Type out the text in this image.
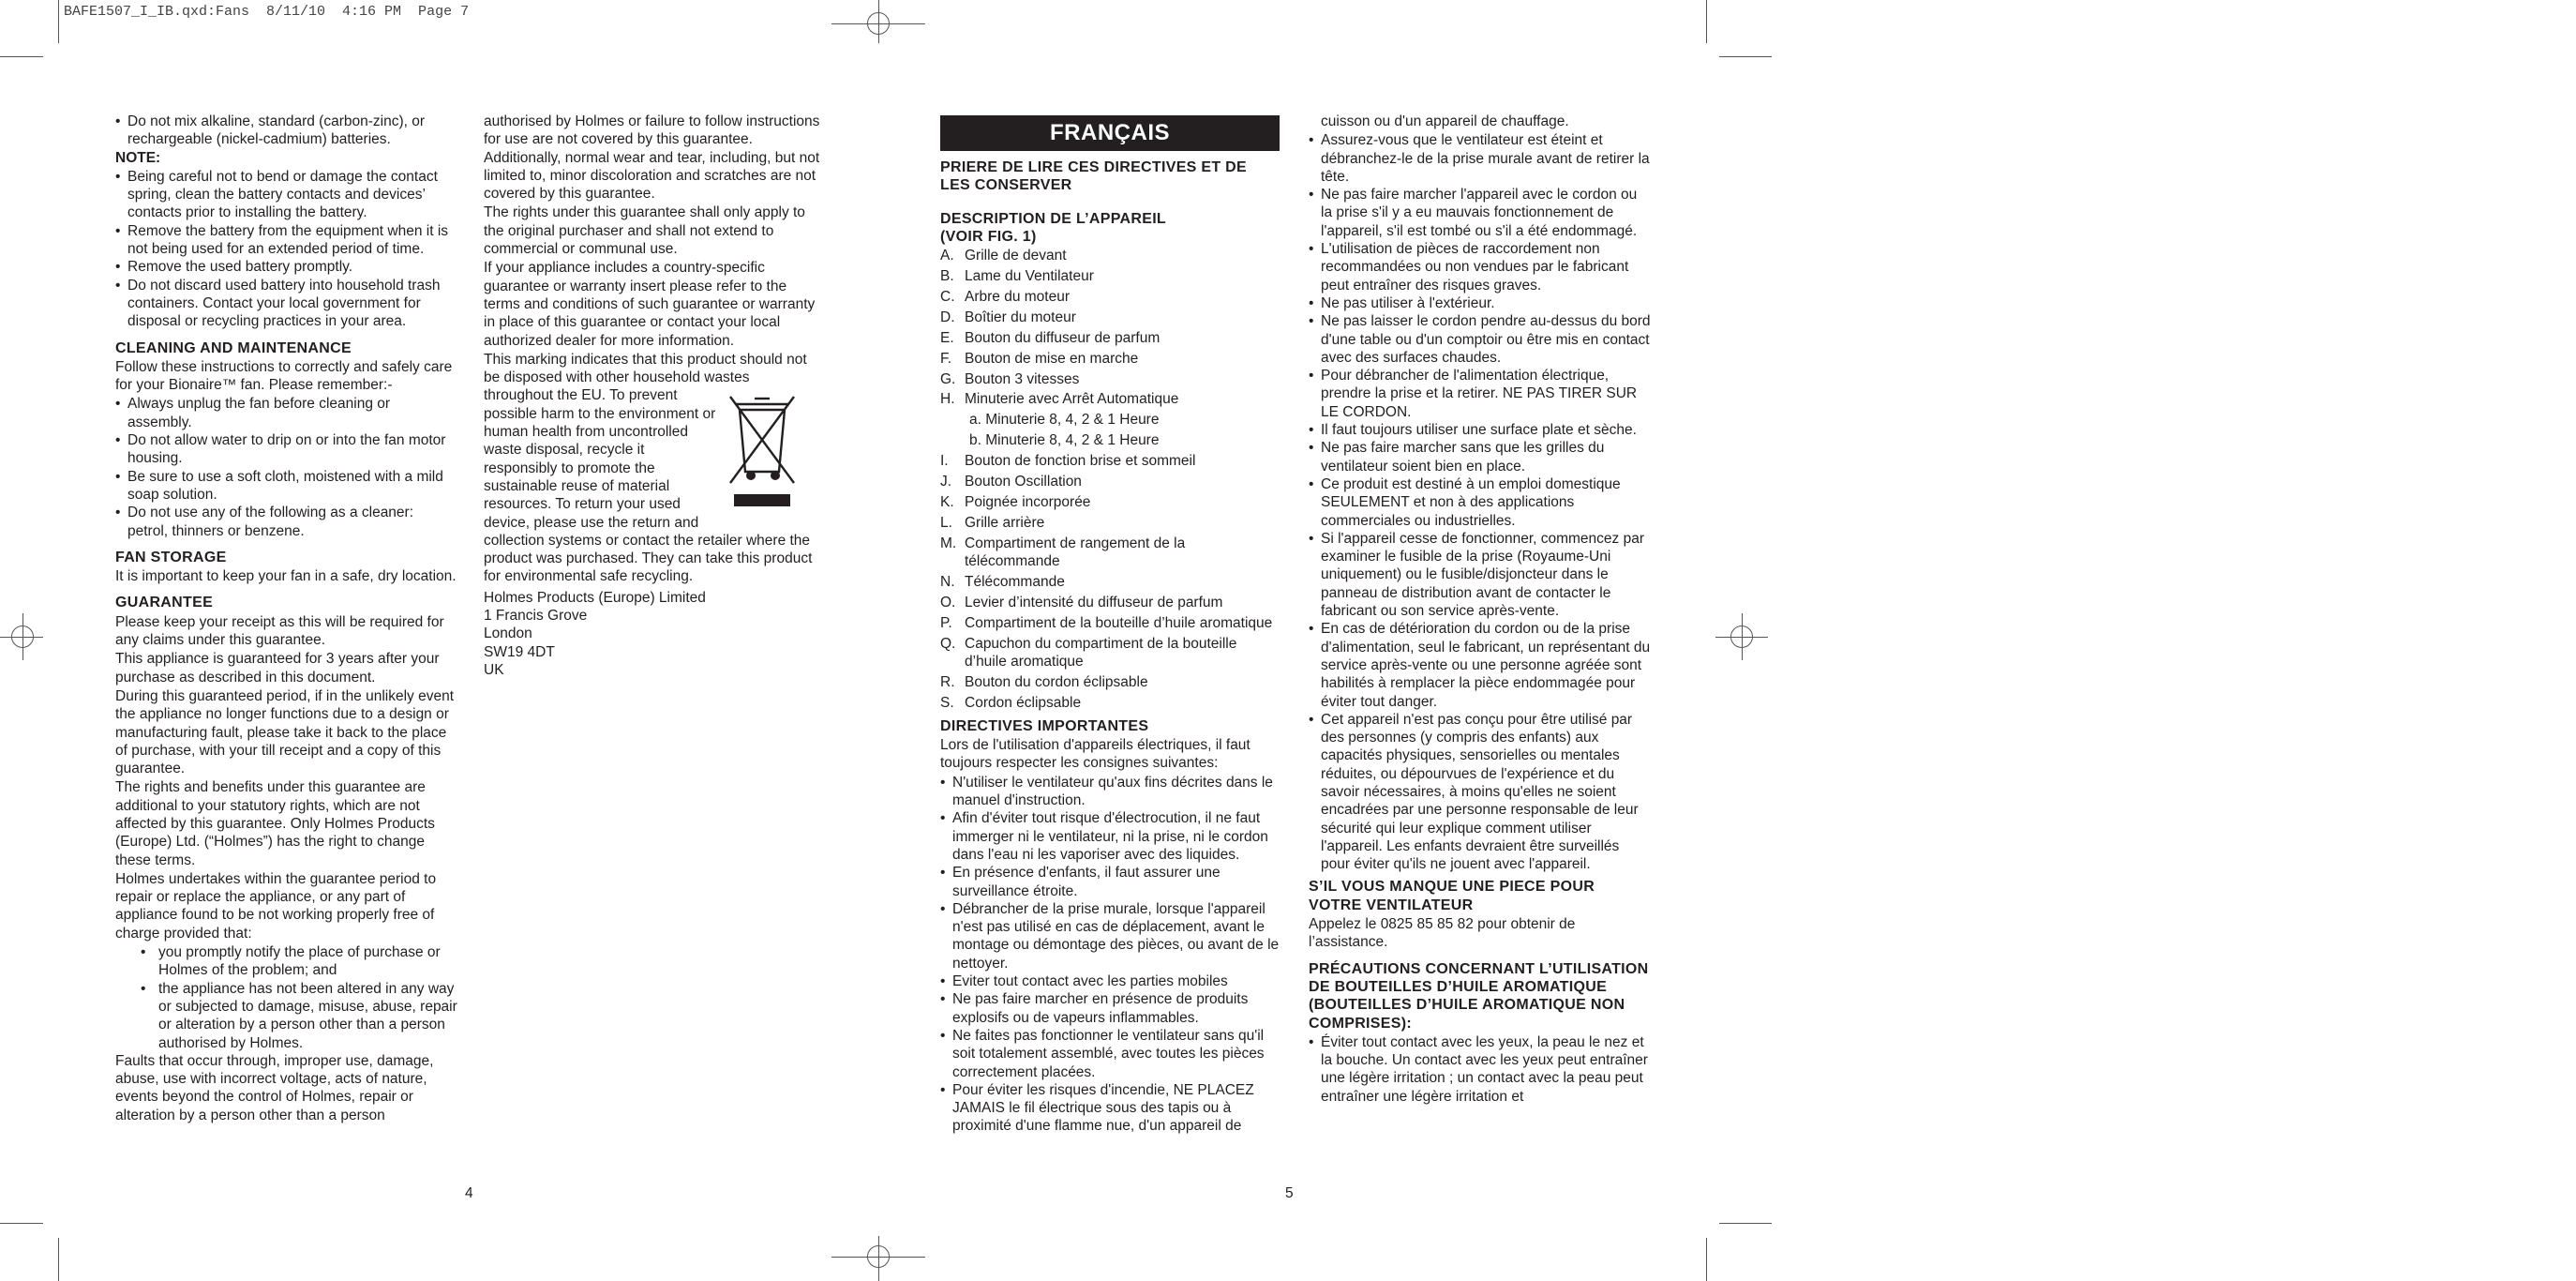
BAFE1507_I_IB.qxd:Fans  8/11/10  4:16 PM  Page 7
• Do not mix alkaline, standard (carbon-zinc), or rechargeable (nickel-cadmium) batteries.

NOTE:

• Being careful not to bend or damage the contact spring, clean the battery contacts and devices’ contacts prior to installing the battery.
• Remove the battery from the equipment when it is not being used for an extended period of time.
• Remove the used battery promptly.
• Do not discard used battery into household trash containers. Contact your local government for disposal or recycling practices in your area.

CLEANING AND MAINTENANCE

Follow these instructions to correctly and safely care for your Bionaire™ fan. Please remember:-

• Always unplug the fan before cleaning or assembly.
• Do not allow water to drip on or into the fan motor housing.
• Be sure to use a soft cloth, moistened with a mild soap solution.
• Do not use any of the following as a cleaner: petrol, thinners or benzene.

FAN STORAGE

It is important to keep your fan in a safe, dry location.

GUARANTEE

Please keep your receipt as this will be required for any claims under this guarantee.

This appliance is guaranteed for 3 years after your purchase as described in this document.

During this guaranteed period, if in the unlikely event the appliance no longer functions due to a design or manufacturing fault, please take it back to the place of purchase, with your till receipt and a copy of this guarantee.

The rights and benefits under this guarantee are additional to your statutory rights, which are not affected by this guarantee. Only Holmes Products (Europe) Ltd. (“Holmes”) has the right to change these terms.

Holmes undertakes within the guarantee period to repair or replace the appliance, or any part of appliance found to be not working properly free of charge provided that:

• you promptly notify the place of purchase or Holmes of the problem; and
• the appliance has not been altered in any way or subjected to damage, misuse, abuse, repair or alteration by a person other than a person authorised by Holmes.

Faults that occur through, improper use, damage, abuse, use with incorrect voltage, acts of nature, events beyond the control of Holmes, repair or alteration by a person other than a person

authorised by Holmes or failure to follow instructions for use are not covered by this guarantee. Additionally, normal wear and tear, including, but not limited to, minor discoloration and scratches are not covered by this guarantee.

The rights under this guarantee shall only apply to the original purchaser and shall not extend to commercial or communal use.

If your appliance includes a country-specific guarantee or warranty insert please refer to the terms and conditions of such guarantee or warranty in place of this guarantee or contact your local authorized dealer for more information.

This marking indicates that this product should not
be disposed with other household wastes
throughout the EU. To prevent
possible harm to the environment or
human health from uncontrolled
waste disposal, recycle it
responsibly to promote the
sustainable reuse of material
resources. To return your used
device, please use the return and
collection systems or contact the retailer where the
product was purchased. They can take this product
for environmental safe recycling.

Holmes Products (Europe) Limited
1 Francis Grove
London
SW19 4DT
UK

FRANÇAIS

PRIERE DE LIRE CES DIRECTIVES ET DE LES CONSERVER

DESCRIPTION DE L’APPAREIL
(VOIR FIG. 1)

A. Grille de devant
B. Lame du Ventilateur
C. Arbre du moteur
D. Boîtier du moteur
E. Bouton du diffuseur de parfum
F. Bouton de mise en marche
G. Bouton 3 vitesses
H. Minuterie avec Arrêt Automatique
a. Minuterie 8, 4, 2 & 1 Heure
b. Minuterie 8, 4, 2 & 1 Heure
I. Bouton de fonction brise et sommeil
J. Bouton Oscillation
K. Poignée incorporée
L. Grille arrière
M. Compartiment de rangement de la télécommande
N. Télécommande
O. Levier d’intensité du diffuseur de parfum
P. Compartiment de la bouteille d’huile aromatique
Q. Capuchon du compartiment de la bouteille d’huile aromatique
R. Bouton du cordon éclipsable
S. Cordon éclipsable

DIRECTIVES IMPORTANTES

Lors de l'utilisation d'appareils électriques, il faut toujours respecter les consignes suivantes:

• N'utiliser le ventilateur qu'aux fins décrites dans le manuel d'instruction.
• Afin d'éviter tout risque d'électrocution, il ne faut immerger ni le ventilateur, ni la prise, ni le cordon dans l'eau ni les vaporiser avec des liquides.
• En présence d'enfants, il faut assurer une surveillance étroite.
• Débrancher de la prise murale, lorsque l'appareil n'est pas utilisé en cas de déplacement, avant le montage ou démontage des pièces, ou avant de le nettoyer.
• Eviter tout contact avec les parties mobiles
• Ne pas faire marcher en présence de produits explosifs ou de vapeurs inflammables.
• Ne faites pas fonctionner le ventilateur sans qu'il soit totalement assemblé, avec toutes les pièces correctement placées.
• Pour éviter les risques d'incendie, NE PLACEZ JAMAIS le fil électrique sous des tapis ou à proximité d'une flamme nue, d'un appareil de

cuisson ou d'un appareil de chauffage.

• Assurez-vous que le ventilateur est éteint et débranchez-le de la prise murale avant de retirer la tête.
• Ne pas faire marcher l'appareil avec le cordon ou la prise s'il y a eu mauvais fonctionnement de l'appareil, s'il est tombé ou s'il a été endommagé.
• L'utilisation de pièces de raccordement non recommandées ou non vendues par le fabricant peut entraîner des risques graves.
• Ne pas utiliser à l'extérieur.
• Ne pas laisser le cordon pendre au-dessus du bord d'une table ou d'un comptoir ou être mis en contact avec des surfaces chaudes.
• Pour débrancher de l'alimentation électrique, prendre la prise et la retirer. NE PAS TIRER SUR LE CORDON.
• Il faut toujours utiliser une surface plate et sèche.
• Ne pas faire marcher sans que les grilles du ventilateur soient bien en place.
• Ce produit est destiné à un emploi domestique SEULEMENT et non à des applications commerciales ou industrielles.
• Si l'appareil cesse de fonctionner, commencez par examiner le fusible de la prise (Royaume-Uni uniquement) ou le fusible/disjoncteur dans le panneau de distribution avant de contacter le fabricant ou son service après-vente.
• En cas de détérioration du cordon ou de la prise d'alimentation, seul le fabricant, un représentant du service après-vente ou une personne agréée sont habilités à remplacer la pièce endommagée pour éviter tout danger.
• Cet appareil n'est pas conçu pour être utilisé par des personnes (y compris des enfants) aux capacités physiques, sensorielles ou mentales réduites, ou dépourvues de l'expérience et du savoir nécessaires, à moins qu'elles ne soient encadrées par une personne responsable de leur sécurité qui leur explique comment utiliser l'appareil. Les enfants devraient être surveillés pour éviter qu'ils ne jouent avec l'appareil.

S’IL VOUS MANQUE UNE PIECE POUR VOTRE VENTILATEUR

Appelez le 0825 85 85 82 pour obtenir de l’assistance.

PRÉCAUTIONS CONCERNANT L’UTILISATION DE BOUTEILLES D’HUILE AROMATIQUE (BOUTEILLES D’HUILE AROMATIQUE NON COMPRISES):

• Éviter tout contact avec les yeux, la peau le nez et la bouche. Un contact avec les yeux peut entraîner une légère irritation ; un contact avec la peau peut entraîner une légère irritation et
4	5
